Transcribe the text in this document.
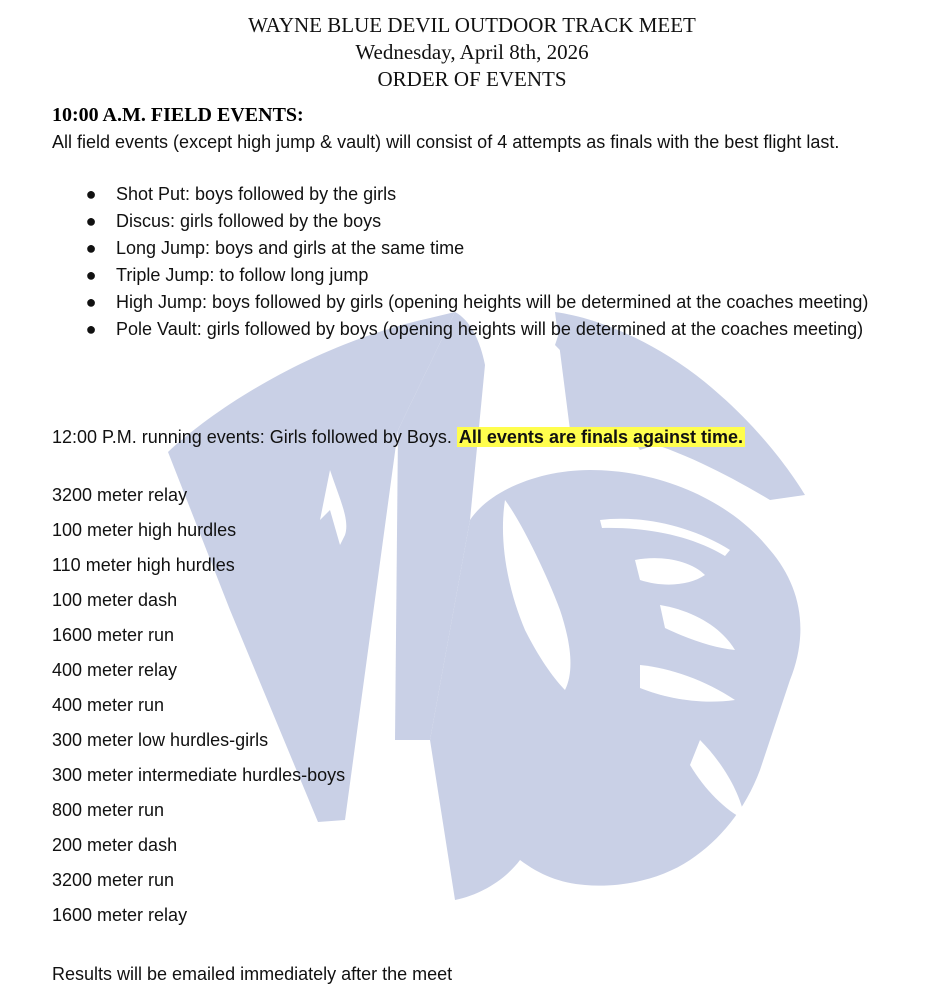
WAYNE BLUE DEVIL OUTDOOR TRACK MEET
Wednesday, April 8th, 2026
ORDER OF EVENTS
10:00 A.M. FIELD EVENTS:
All field events (except high jump & vault) will consist of 4 attempts as finals with the best flight last.
● Shot Put: boys followed by the girls
● Discus: girls followed by the boys
● Long Jump: boys and girls at the same time
● Triple Jump: to follow long jump
● High Jump: boys followed by girls (opening heights will be determined at the coaches meeting)
● Pole Vault: girls followed by boys (opening heights will be determined at the coaches meeting)
12:00 P.M. running events: Girls followed by Boys. All events are finals against time.
3200 meter relay
100 meter high hurdles
110 meter high hurdles
100 meter dash
1600 meter run
400 meter relay
400 meter run
300 meter low hurdles-girls
300 meter intermediate hurdles-boys
800 meter run
200 meter dash
3200 meter run
1600 meter relay
Results will be emailed immediately after the meet
